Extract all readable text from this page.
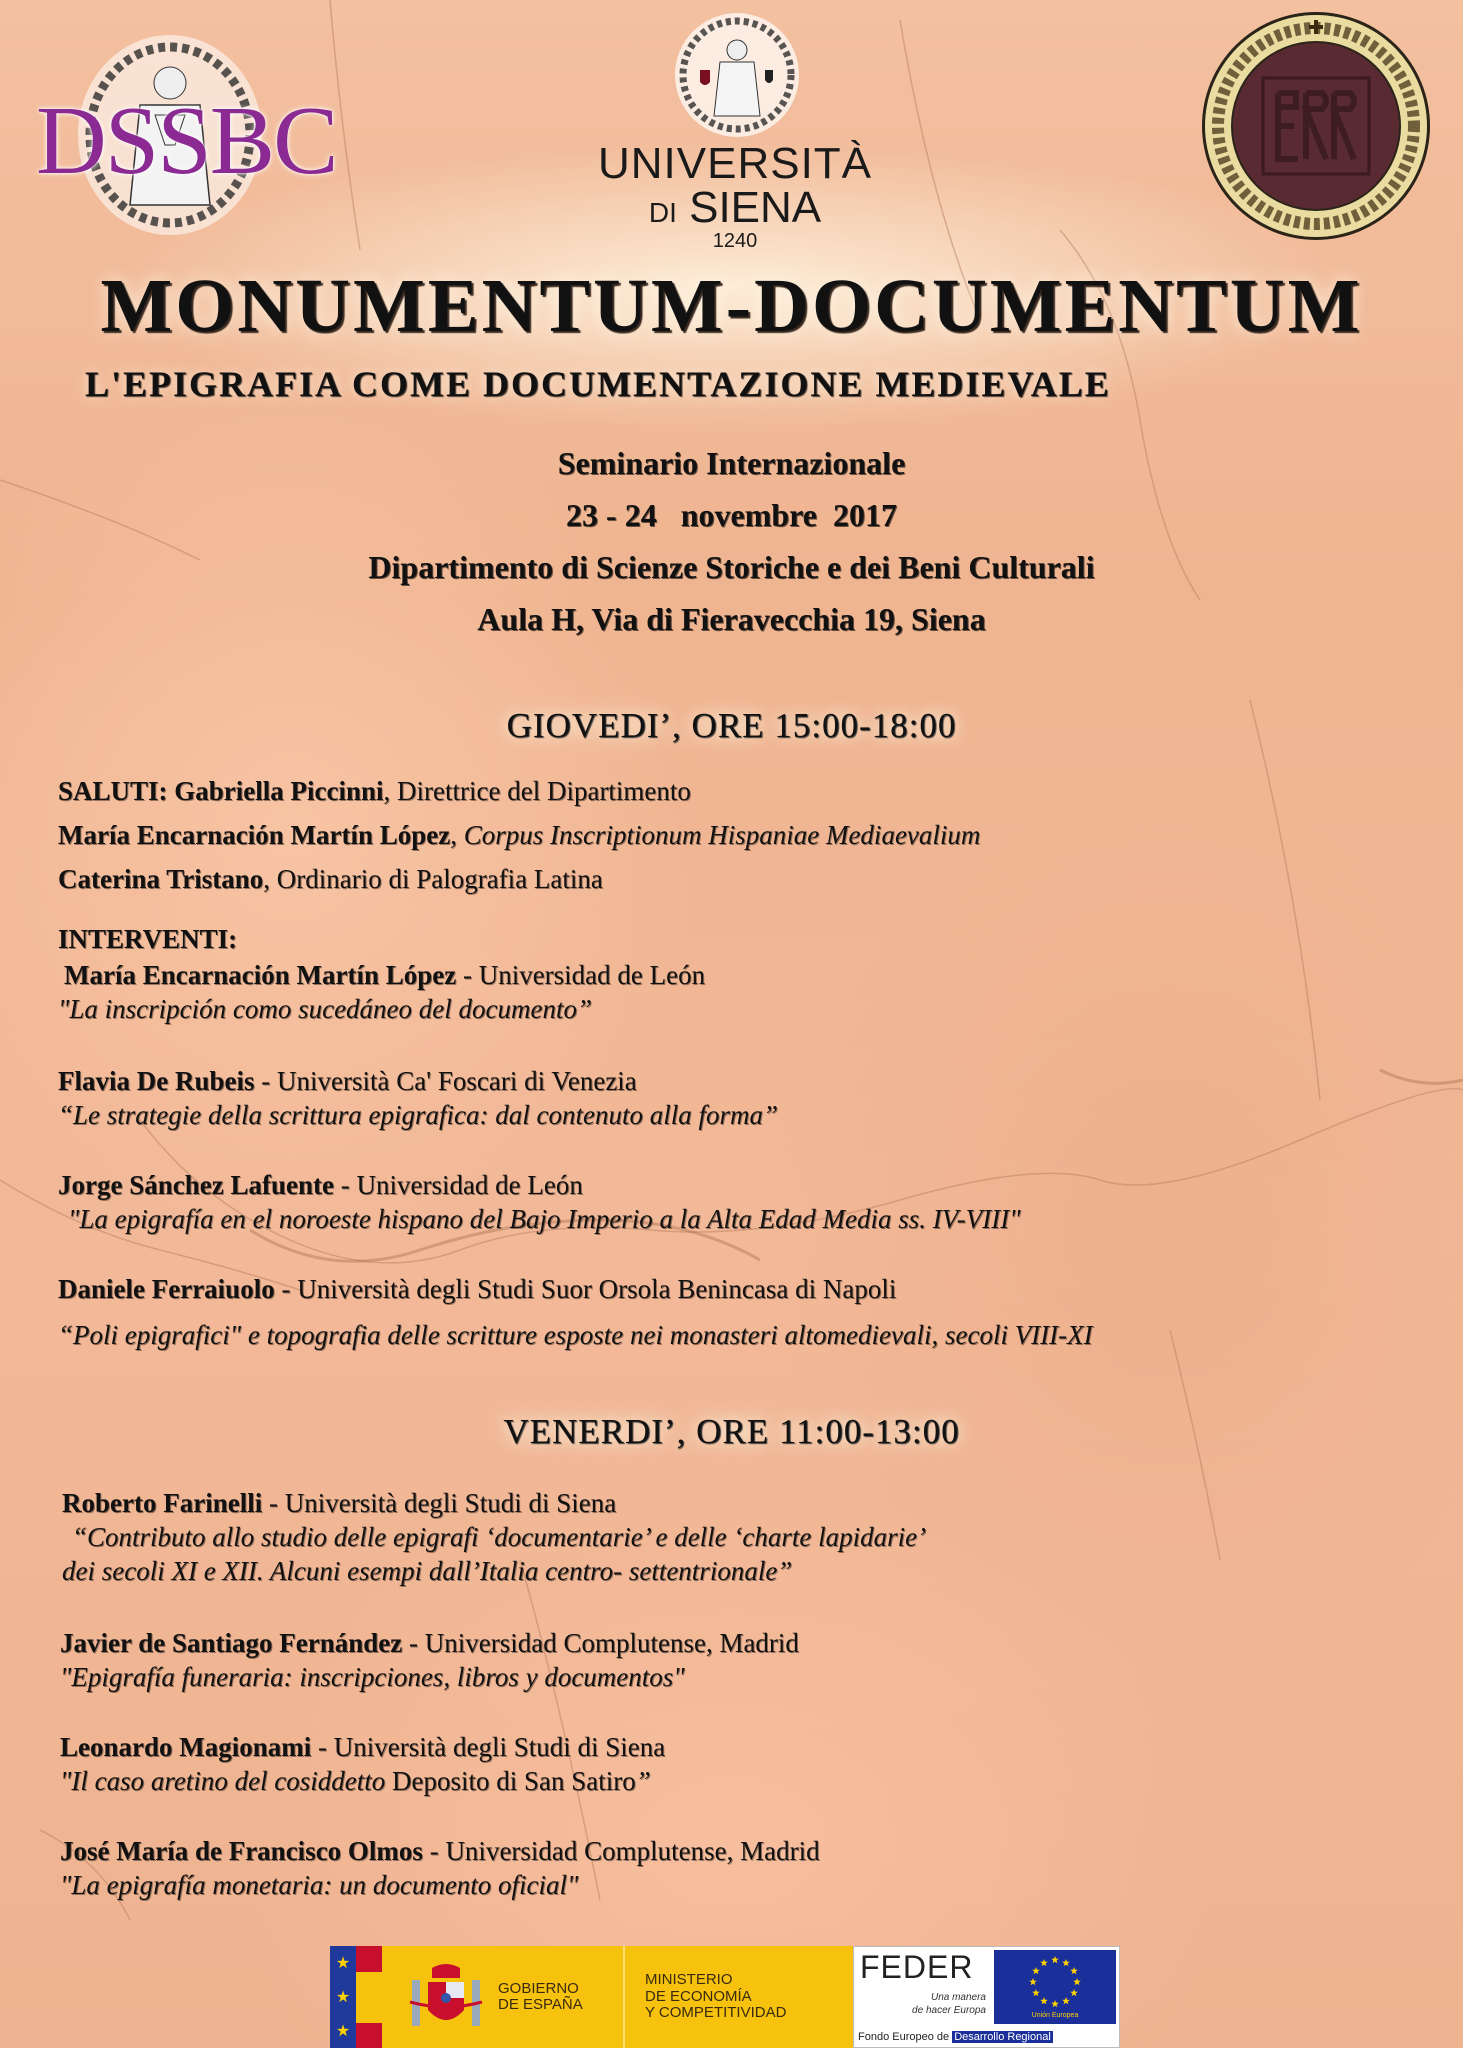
DSSBC	UNIVERSITÀ
DI SIENA
1240
MONUMENTUM-DOCUMENTUM
L'EPIGRAFIA COME DOCUMENTAZIONE MEDIEVALE
Seminario Internazionale
23 - 24   novembre  2017
Dipartimento di Scienze Storiche e dei Beni Culturali
Aula H, Via di Fieravecchia 19, Siena
GIOVEDI’, ORE 15:00-18:00
SALUTI: Gabriella Piccinni, Direttrice del Dipartimento
María Encarnación Martín López, Corpus Inscriptionum Hispaniae Mediaevalium
Caterina Tristano, Ordinario di Palografia Latina
INTERVENTI:
María Encarnación Martín López - Universidad de León
"La inscripción como sucedáneo del documento”
Flavia De Rubeis - Università Ca' Foscari di Venezia
“Le strategie della scrittura epigrafica: dal contenuto alla forma”
Jorge Sánchez Lafuente - Universidad de León
"La epigrafía en el noroeste hispano del Bajo Imperio a la Alta Edad Media ss. IV-VIII"
Daniele Ferraiuolo - Università degli Studi Suor Orsola Benincasa di Napoli
“Poli epigrafici" e topografia delle scritture esposte nei monasteri altomedievali, secoli VIII-XI
VENERDI’, ORE 11:00-13:00
Roberto Farinelli - Università degli Studi di Siena
“Contributo allo studio delle epigrafi ‘documentarie’ e delle ‘charte lapidarie’
dei secoli XI e XII. Alcuni esempi dall’Italia centro- settentrionale”
Javier de Santiago Fernández - Universidad Complutense, Madrid
"Epigrafía funeraria: inscripciones, libros y documentos"
Leonardo Magionami - Università degli Studi di Siena
"Il caso aretino del cosiddetto Deposito di San Satiro”
José María de Francisco Olmos - Universidad Complutense, Madrid
"La epigrafía monetaria: un documento oficial"
★
★
★
GOBIERNO
DE ESPAÑA
MINISTERIO
DE ECONOMÍA
Y COMPETITIVIDAD
FEDER
Una manera
de hacer Europa	Unión Europea
Fondo Europeo de Desarrollo Regional
